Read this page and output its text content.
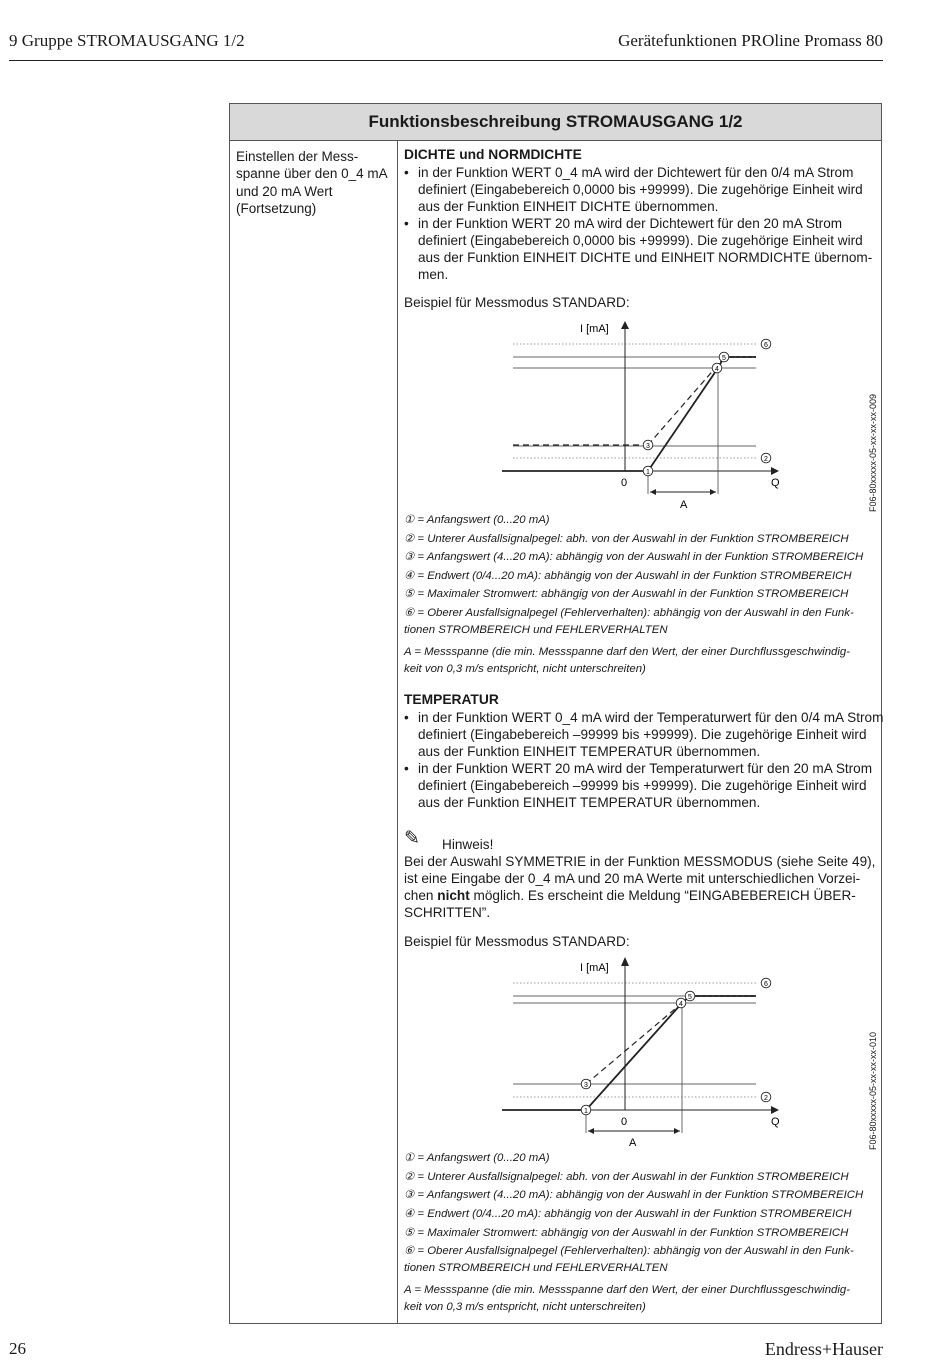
9 Gruppe STROMAUSGANG 1/2	Gerätefunktionen PROline Promass 80
Funktionsbeschreibung STROMAUSGANG 1/2
Einstellen der Mess-
spanne über den 0_4 mA
und 20 mA Wert
(Fortsetzung)
DICHTE und NORMDICHTE
• in der Funktion WERT 0_4 mA wird der Dichtewert für den 0/4 mA Strom
definiert (Eingabebereich 0,0000 bis +99999). Die zugehörige Einheit wird
aus der Funktion EINHEIT DICHTE übernommen.
• in der Funktion WERT 20 mA wird der Dichtewert für den 20 mA Strom
definiert (Eingabebereich 0,0000 bis +99999). Die zugehörige Einheit wird
aus der Funktion EINHEIT DICHTE und EINHEIT NORMDICHTE übernom-
men.
Beispiel für Messmodus STANDARD:
I [mA]
Q
0
A
1
2
3
4
5
6
F06-80xxxxx-05-xx-xx-xx-009
① = Anfangswert (0...20 mA)
② = Unterer Ausfallsignalpegel: abh. von der Auswahl in der Funktion STROMBEREICH
③ = Anfangswert (4...20 mA): abhängig von der Auswahl in der Funktion STROMBEREICH
④ = Endwert (0/4...20 mA): abhängig von der Auswahl in der Funktion STROMBEREICH
⑤ = Maximaler Stromwert: abhängig von der Auswahl in der Funktion STROMBEREICH
⑥ = Oberer Ausfallsignalpegel (Fehlerverhalten): abhängig von der Auswahl in den Funk-
tionen STROMBEREICH und FEHLERVERHALTEN
A = Messspanne (die min. Messspanne darf den Wert, der einer Durchflussgeschwindig-
keit von 0,3 m/s entspricht, nicht unterschreiten)
TEMPERATUR
• in der Funktion WERT 0_4 mA wird der Temperaturwert für den 0/4 mA Strom
definiert (Eingabebereich –99999 bis +99999). Die zugehörige Einheit wird
aus der Funktion EINHEIT TEMPERATUR übernommen.
• in der Funktion WERT 20 mA wird der Temperaturwert für den 20 mA Strom
definiert (Eingabebereich –99999 bis +99999). Die zugehörige Einheit wird
aus der Funktion EINHEIT TEMPERATUR übernommen.
✎ Hinweis!
Bei der Auswahl SYMMETRIE in der Funktion MESSMODUS (siehe Seite 49),
ist eine Eingabe der 0_4 mA und 20 mA Werte mit unterschiedlichen Vorzei-
chen nicht möglich. Es erscheint die Meldung “EINGABEBEREICH ÜBER-
SCHRITTEN”.
Beispiel für Messmodus STANDARD:
I [mA]
Q
0
A
1
2
3
4
5
6
F06-80xxxxx-05-xx-xx-xx-010
① = Anfangswert (0...20 mA)
② = Unterer Ausfallsignalpegel: abh. von der Auswahl in der Funktion STROMBEREICH
③ = Anfangswert (4...20 mA): abhängig von der Auswahl in der Funktion STROMBEREICH
④ = Endwert (0/4...20 mA): abhängig von der Auswahl in der Funktion STROMBEREICH
⑤ = Maximaler Stromwert: abhängig von der Auswahl in der Funktion STROMBEREICH
⑥ = Oberer Ausfallsignalpegel (Fehlerverhalten): abhängig von der Auswahl in den Funk-
tionen STROMBEREICH und FEHLERVERHALTEN
A = Messspanne (die min. Messspanne darf den Wert, der einer Durchflussgeschwindig-
keit von 0,3 m/s entspricht, nicht unterschreiten)
26	Endress+Hauser
